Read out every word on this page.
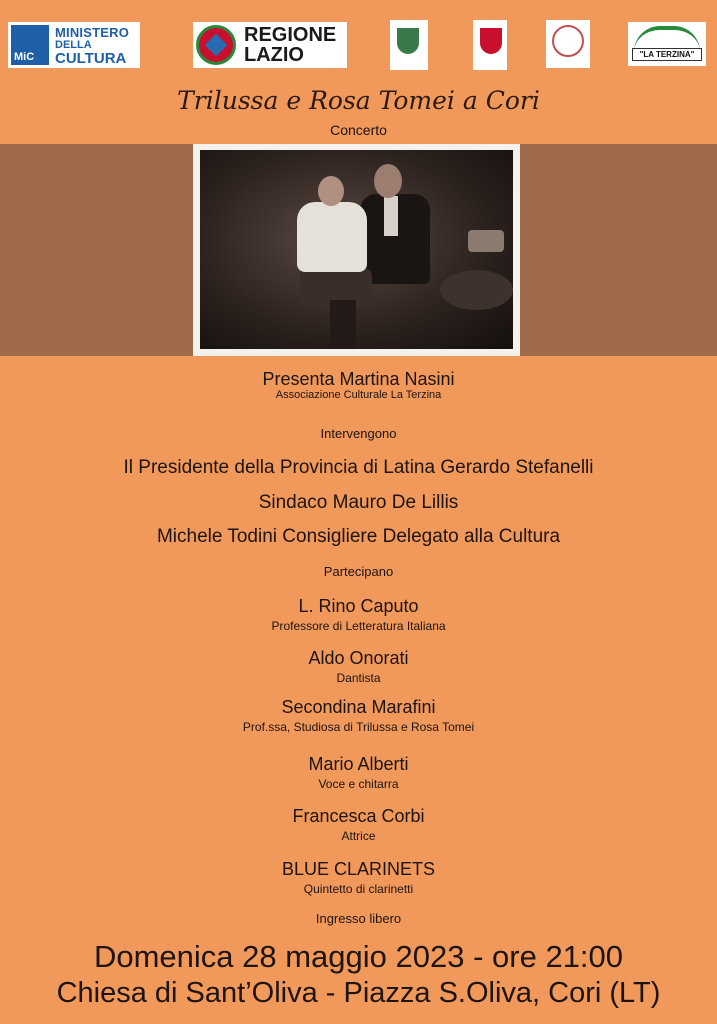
MiC
MINISTERO
DELLA
CULTURA
REGIONE
LAZIO	"LA TERZINA"
Trilussa e Rosa Tomei a Cori
Concerto

Presenta Martina Nasini

Associazione Culturale La Terzina

Intervengono

Il Presidente della Provincia di Latina Gerardo Stefanelli

Sindaco Mauro De Lillis

Michele Todini Consigliere Delegato alla Cultura

Partecipano

L. Rino Caputo

Professore di Letteratura Italiana

Aldo Onorati

Dantista

Secondina Marafini

Prof.ssa, Studiosa di Trilussa e Rosa Tomei

Mario Alberti

Voce e chitarra

Francesca Corbi

Attrice

BLUE CLARINETS

Quintetto di clarinetti

Ingresso libero

Domenica 28 maggio 2023 - ore 21:00

Chiesa di Sant’Oliva - Piazza S.Oliva, Cori (LT)
